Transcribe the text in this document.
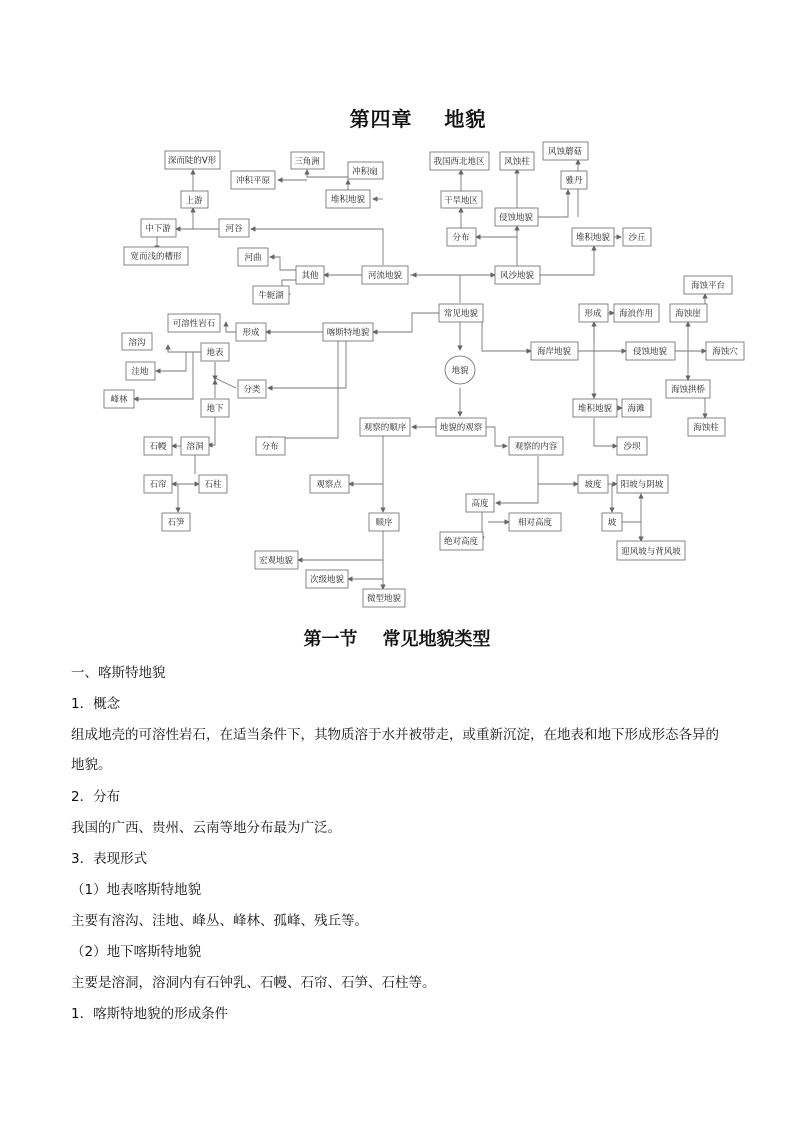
第四章    地貌
深而陡的V形
上游
中下游
宽而浅的槽形
河谷
三角洲
冲积平原
冲积扇
堆积地貌
河曲
其他
牛轭湖
河流地貌
我国西北地区 风蚀柱
风蚀蘑菇
雅丹
干旱地区
侵蚀地貌
分布	堆积地貌 沙丘
风沙地貌
常见地貌
地貌
可溶性岩石
形成	喀斯特地貌
溶沟
地表
洼地
分类
峰林
地下
石幔 溶洞
石帘	石柱
石笋
分布
形成 海浪作用
海岸地貌	侵蚀地貌
海蚀崖
海蚀平台
海蚀穴
海蚀拱桥
海蚀柱
堆积地貌 海滩
沙坝
地貌的观察
观察的顺序
观察的内容
观察点
顺序
宏观地貌
次级地貌
微型地貌
坡度 阳坡与阴坡
坡
迎风坡与背风坡
高度
相对高度
绝对高度
第一节    常见地貌类型

一、喀斯特地貌

1．概念

组成地壳的可溶性岩石，在适当条件下，其物质溶于水并被带走，或重新沉淀，在地表和地下形成形态各异的地貌。

2．分布

我国的广西、贵州、云南等地分布最为广泛。

3．表现形式

（1）地表喀斯特地貌

主要有溶沟、洼地、峰丛、峰林、孤峰、残丘等。

（2）地下喀斯特地貌

主要是溶洞，溶洞内有石钟乳、石幔、石帘、石笋、石柱等。

1．喀斯特地貌的形成条件
